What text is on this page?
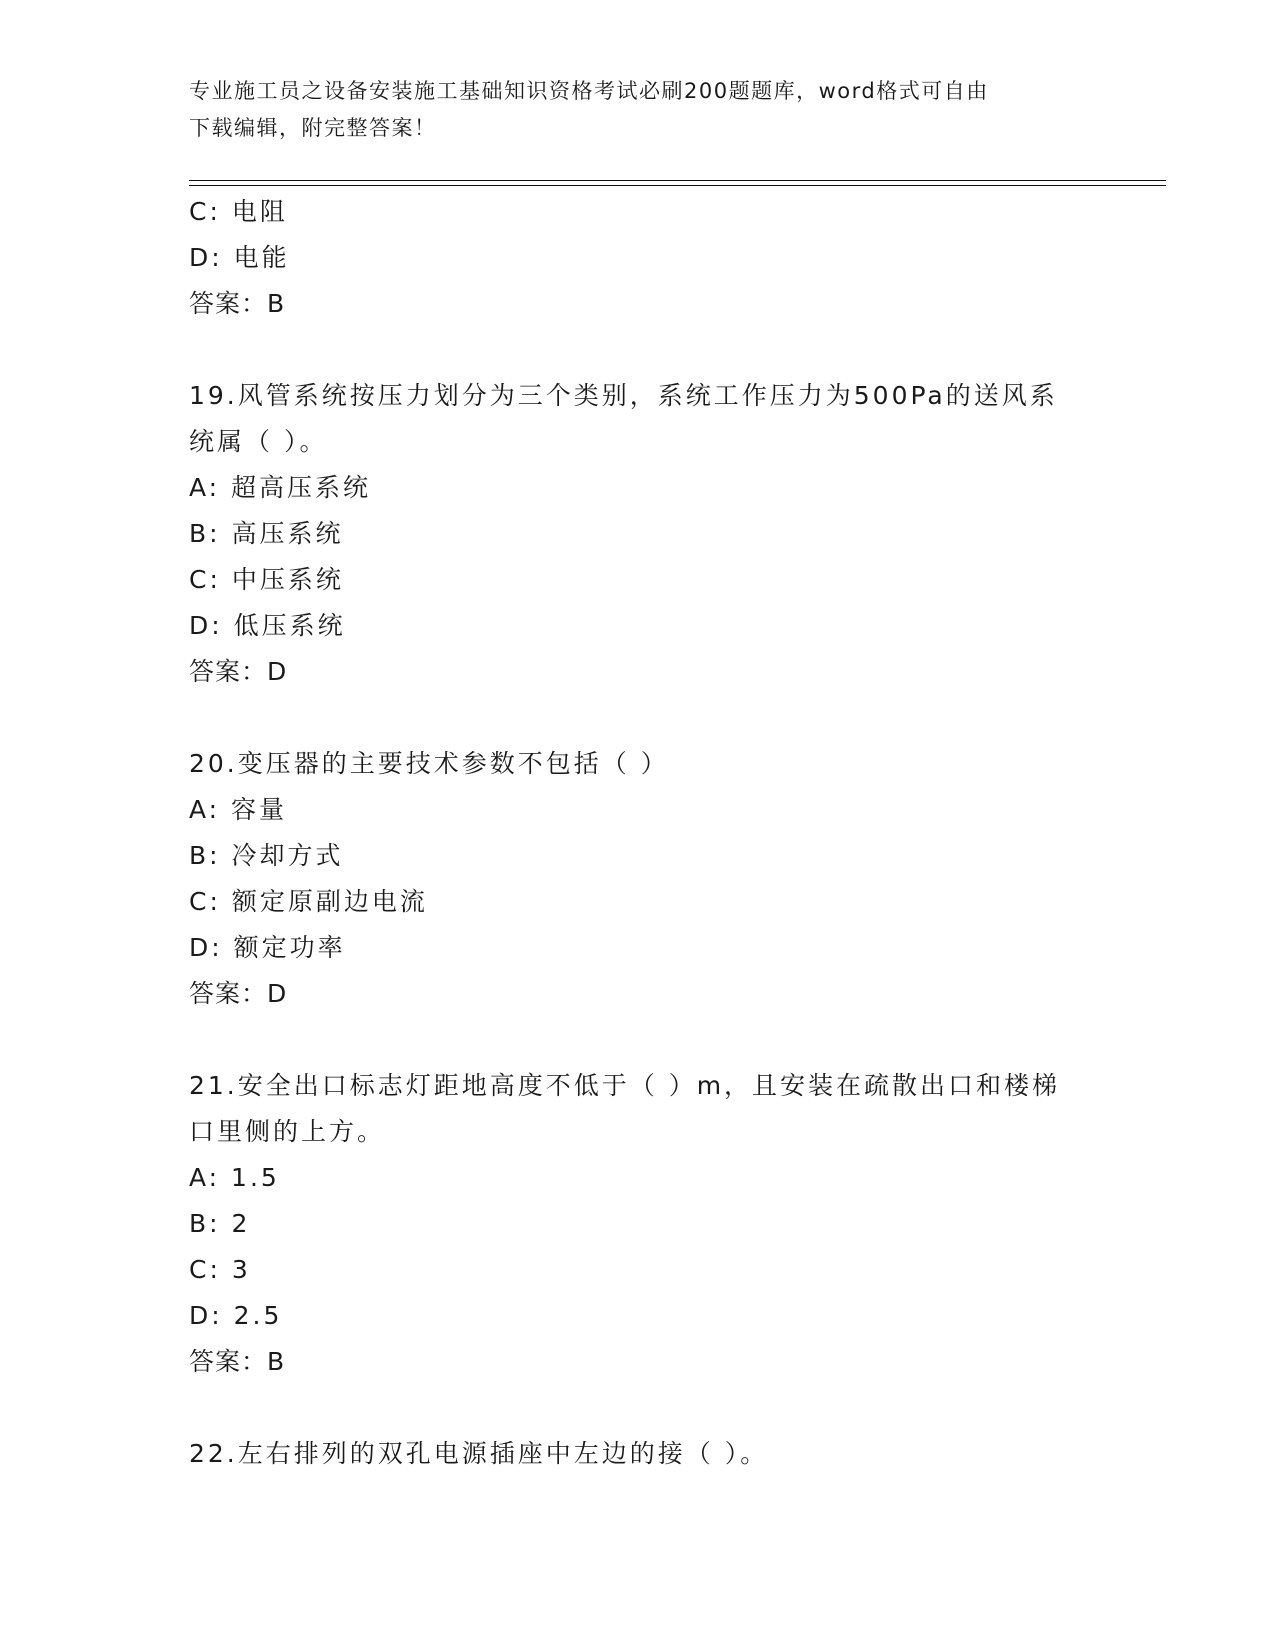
专业施工员之设备安装施工基础知识资格考试必刷200题题库，word格式可自由
下载编辑，附完整答案！
C: 电阻
D: 电能
答案：B
19.风管系统按压力划分为三个类别，系统工作压力为500Pa的送风系
统属（ ）。
A: 超高压系统
B: 高压系统
C: 中压系统
D: 低压系统
答案：D
20.变压器的主要技术参数不包括（ ）
A: 容量
B: 冷却方式
C: 额定原副边电流
D: 额定功率
答案：D
21.安全出口标志灯距地高度不低于（ ）m，且安装在疏散出口和楼梯
口里侧的上方。
A: 1.5
B: 2
C: 3
D: 2.5
答案：B
22.左右排列的双孔电源插座中左边的接（ ）。
